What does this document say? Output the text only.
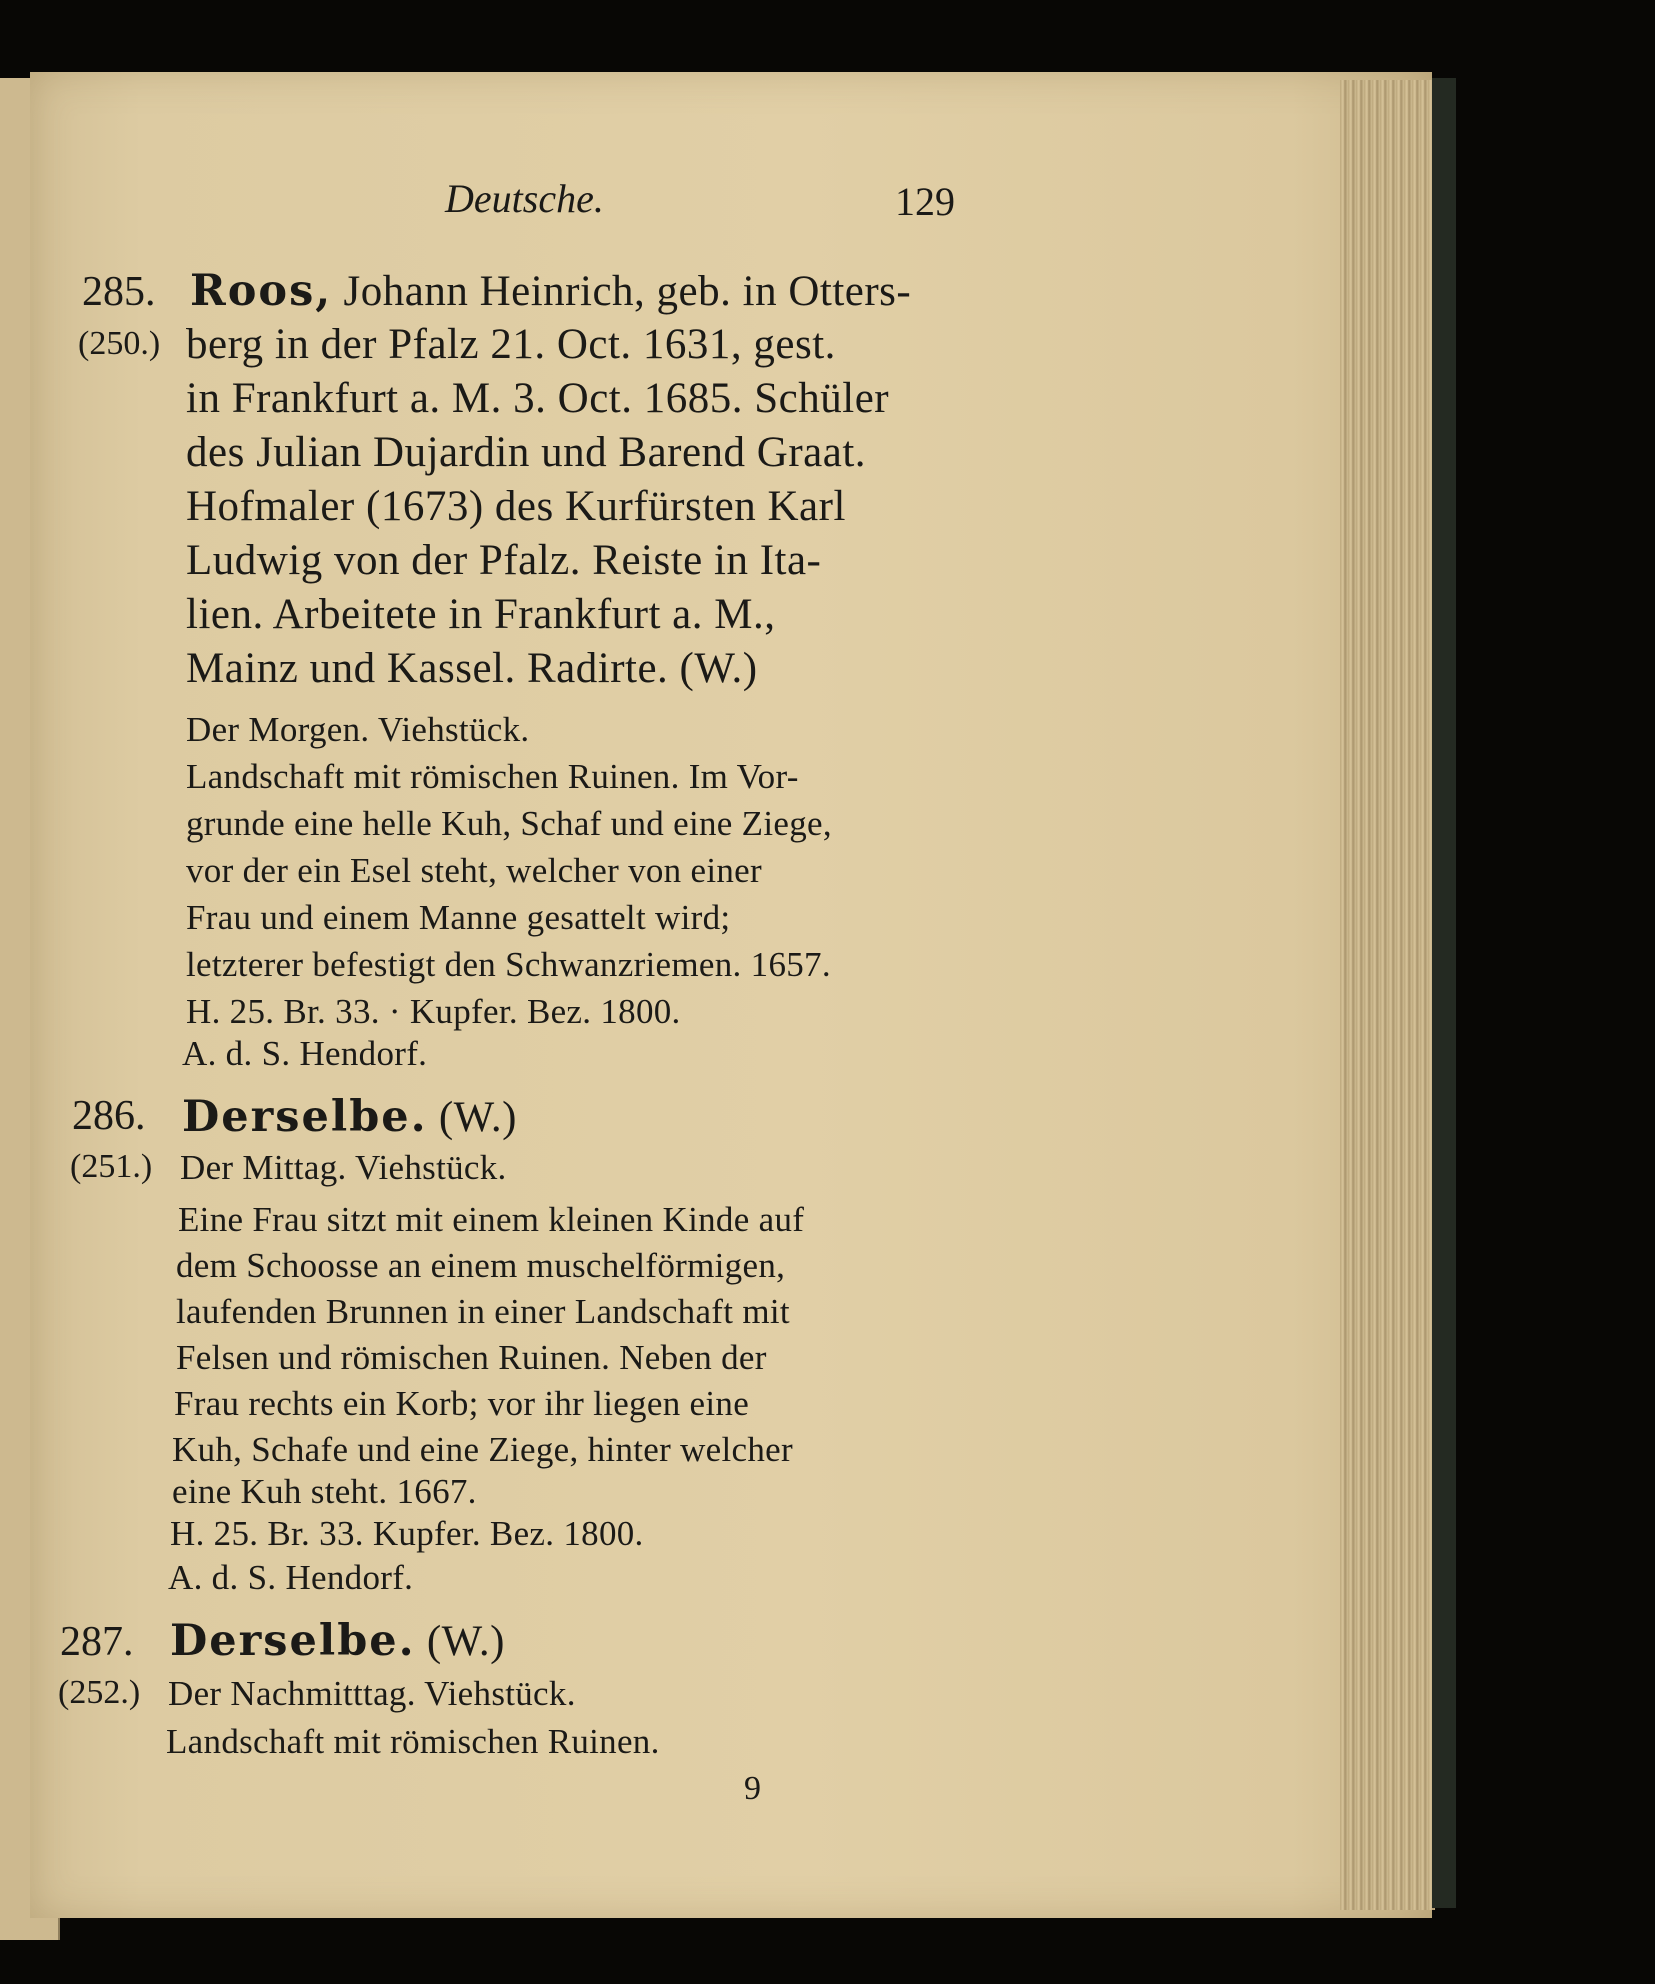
Deutsche.	129
285.
(250.)
Roos, Johann Heinrich, geb. in Otters-
berg in der Pfalz 21. Oct. 1631, gest.
in Frankfurt a. M. 3. Oct. 1685. Schüler
des Julian Dujardin und Barend Graat.
Hofmaler (1673) des Kurfürsten Karl
Ludwig von der Pfalz. Reiste in Ita-
lien. Arbeitete in Frankfurt a. M.,
Mainz und Kassel. Radirte. (W.)
Der Morgen. Viehstück.
Landschaft mit römischen Ruinen. Im Vor-
grunde eine helle Kuh, Schaf und eine Ziege,
vor der ein Esel steht, welcher von einer
Frau und einem Manne gesattelt wird;
letzterer befestigt den Schwanzriemen. 1657.
H. 25. Br. 33. · Kupfer. Bez. 1800.
A. d. S. Hendorf.
286.
(251.)
Derselbe. (W.)
Der Mittag. Viehstück.
Eine Frau sitzt mit einem kleinen Kinde auf
dem Schoosse an einem muschelförmigen,
laufenden Brunnen in einer Landschaft mit
Felsen und römischen Ruinen. Neben der
Frau rechts ein Korb; vor ihr liegen eine
Kuh, Schafe und eine Ziege, hinter welcher
eine Kuh steht. 1667.
H. 25. Br. 33. Kupfer. Bez. 1800.
A. d. S. Hendorf.
287.
(252.)
Derselbe. (W.)
Der Nachmitttag. Viehstück.
Landschaft mit römischen Ruinen.
9
